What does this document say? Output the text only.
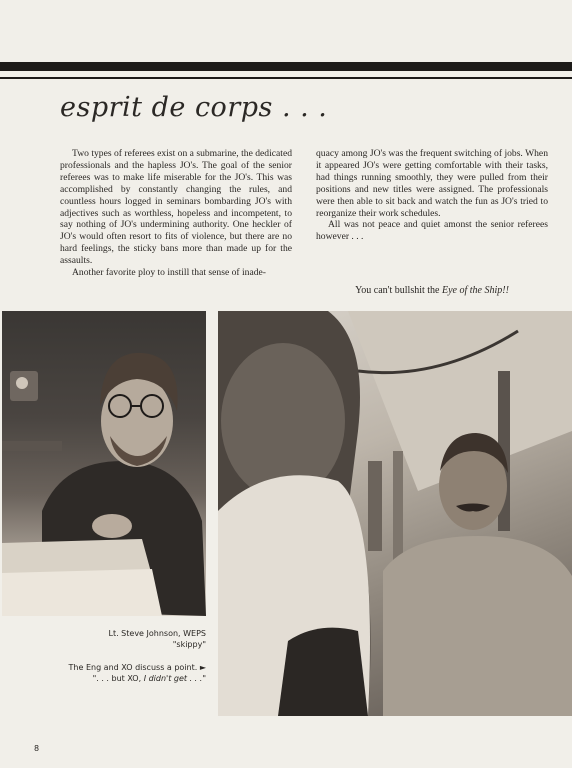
esprit de corps . . .

Two types of referees exist on a submarine, the dedicated professionals and the hapless JO's. The goal of the senior referees was to make life miserable for the JO's. This was accomplished by constantly changing the rules, and countless hours logged in seminars bombarding JO's with adjectives such as worthless, hopeless and incompetent, to say nothing of JO's undermining authority. One heckler of JO's would often resort to fits of violence, but there are no hard feelings, the sticky bans more than made up for the assaults.

Another favorite ploy to instill that sense of inade-

quacy among JO's was the frequent switching of jobs. When it appeared JO's were getting comfortable with their tasks, had things running smoothly, they were pulled from their positions and new titles were assigned. The professionals were then able to sit back and watch the fun as JO's tried to reorganize their work schedules.

All was not peace and quiet amonst the senior referees however . . .

You can't bullshit the Eye of the Ship!!
Lt. Steve Johnson, WEPS
"skippy"
The Eng and XO discuss a point. ►
". . . but XO, I didn't get . . ."
8
